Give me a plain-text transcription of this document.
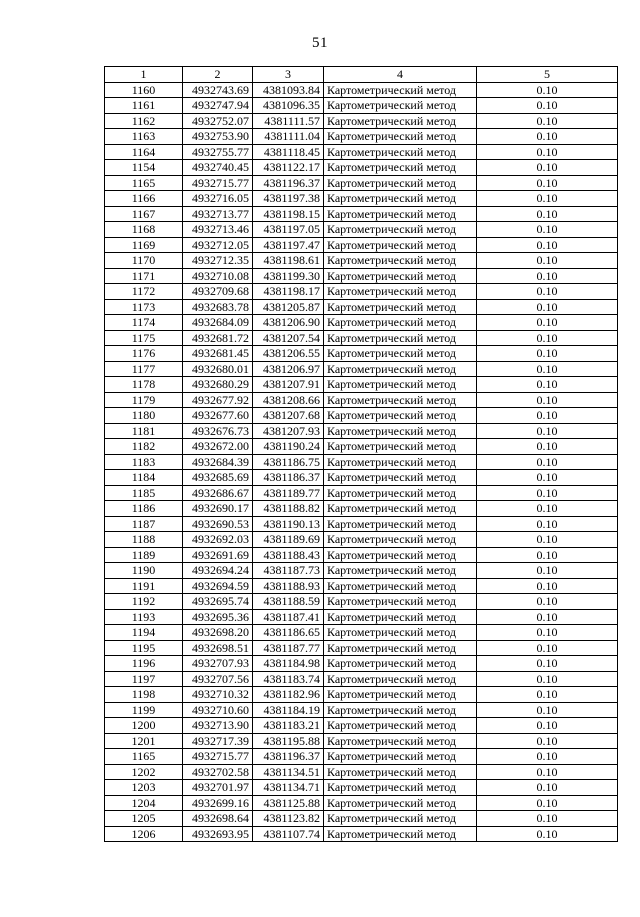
51
1	2	3	4	5
1160	4932743.69	4381093.84	Картометрический метод	0.10
1161	4932747.94	4381096.35	Картометрический метод	0.10
1162	4932752.07	4381111.57	Картометрический метод	0.10
1163	4932753.90	4381111.04	Картометрический метод	0.10
1164	4932755.77	4381118.45	Картометрический метод	0.10
1154	4932740.45	4381122.17	Картометрический метод	0.10
1165	4932715.77	4381196.37	Картометрический метод	0.10
1166	4932716.05	4381197.38	Картометрический метод	0.10
1167	4932713.77	4381198.15	Картометрический метод	0.10
1168	4932713.46	4381197.05	Картометрический метод	0.10
1169	4932712.05	4381197.47	Картометрический метод	0.10
1170	4932712.35	4381198.61	Картометрический метод	0.10
1171	4932710.08	4381199.30	Картометрический метод	0.10
1172	4932709.68	4381198.17	Картометрический метод	0.10
1173	4932683.78	4381205.87	Картометрический метод	0.10
1174	4932684.09	4381206.90	Картометрический метод	0.10
1175	4932681.72	4381207.54	Картометрический метод	0.10
1176	4932681.45	4381206.55	Картометрический метод	0.10
1177	4932680.01	4381206.97	Картометрический метод	0.10
1178	4932680.29	4381207.91	Картометрический метод	0.10
1179	4932677.92	4381208.66	Картометрический метод	0.10
1180	4932677.60	4381207.68	Картометрический метод	0.10
1181	4932676.73	4381207.93	Картометрический метод	0.10
1182	4932672.00	4381190.24	Картометрический метод	0.10
1183	4932684.39	4381186.75	Картометрический метод	0.10
1184	4932685.69	4381186.37	Картометрический метод	0.10
1185	4932686.67	4381189.77	Картометрический метод	0.10
1186	4932690.17	4381188.82	Картометрический метод	0.10
1187	4932690.53	4381190.13	Картометрический метод	0.10
1188	4932692.03	4381189.69	Картометрический метод	0.10
1189	4932691.69	4381188.43	Картометрический метод	0.10
1190	4932694.24	4381187.73	Картометрический метод	0.10
1191	4932694.59	4381188.93	Картометрический метод	0.10
1192	4932695.74	4381188.59	Картометрический метод	0.10
1193	4932695.36	4381187.41	Картометрический метод	0.10
1194	4932698.20	4381186.65	Картометрический метод	0.10
1195	4932698.51	4381187.77	Картометрический метод	0.10
1196	4932707.93	4381184.98	Картометрический метод	0.10
1197	4932707.56	4381183.74	Картометрический метод	0.10
1198	4932710.32	4381182.96	Картометрический метод	0.10
1199	4932710.60	4381184.19	Картометрический метод	0.10
1200	4932713.90	4381183.21	Картометрический метод	0.10
1201	4932717.39	4381195.88	Картометрический метод	0.10
1165	4932715.77	4381196.37	Картометрический метод	0.10
1202	4932702.58	4381134.51	Картометрический метод	0.10
1203	4932701.97	4381134.71	Картометрический метод	0.10
1204	4932699.16	4381125.88	Картометрический метод	0.10
1205	4932698.64	4381123.82	Картометрический метод	0.10
1206	4932693.95	4381107.74	Картометрический метод	0.10
